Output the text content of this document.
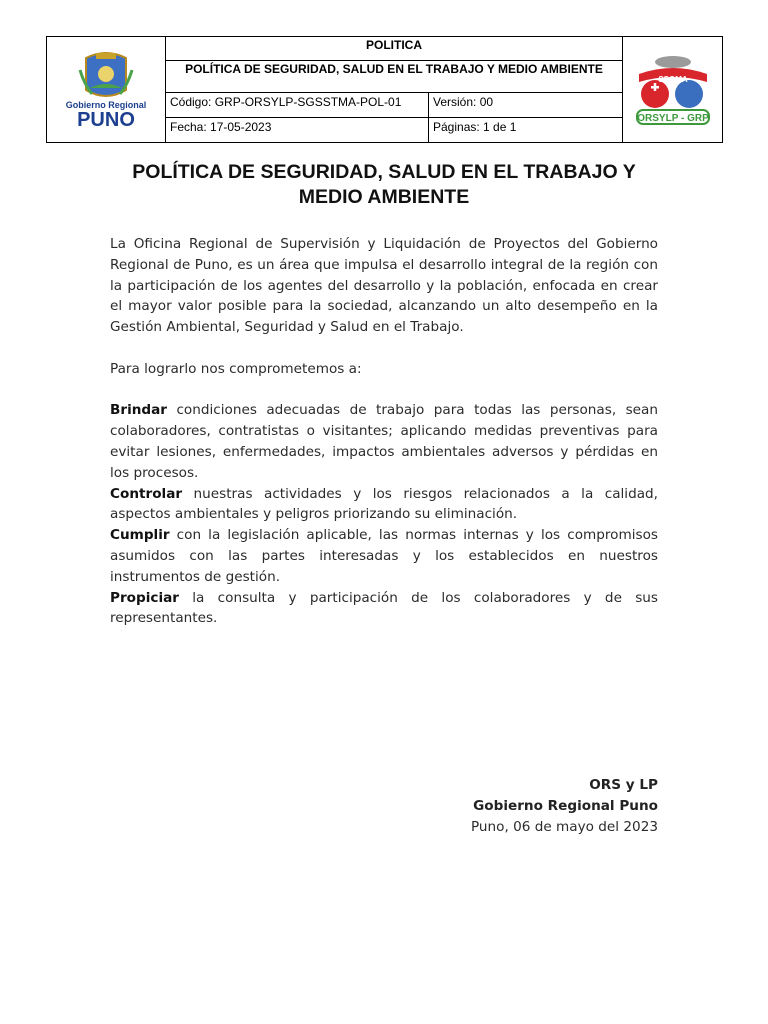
Gobierno Regional
PUNO
POLITICA
POLÍTICA DE SEGURIDAD, SALUD EN EL TRABAJO Y MEDIO AMBIENTE
Código: GRP-ORSYLP-SGSSTMA-POL-01	Versión: 00
Fecha: 17-05-2023	Páginas: 1 de 1
SSOMA
ORSYLP - GRP
POLÍTICA DE SEGURIDAD, SALUD EN EL TRABAJO Y MEDIO AMBIENTE

La Oficina Regional de Supervisión y Liquidación de Proyectos del Gobierno Regional de Puno, es un área que impulsa el desarrollo integral de la región con la participación de los agentes del desarrollo y la población, enfocada en crear el mayor valor posible para la sociedad, alcanzando un alto desempeño en la Gestión Ambiental, Seguridad y Salud en el Trabajo.

Para lograrlo nos comprometemos a:

Brindar condiciones adecuadas de trabajo para todas las personas, sean colaboradores, contratistas o visitantes; aplicando medidas preventivas para evitar lesiones, enfermedades, impactos ambientales adversos y pérdidas en los procesos.

Controlar nuestras actividades y los riesgos relacionados a la calidad, aspectos ambientales y peligros priorizando su eliminación.

Cumplir con la legislación aplicable, las normas internas y los compromisos asumidos con las partes interesadas y los establecidos en nuestros instrumentos de gestión.

Propiciar la consulta y participación de los colaboradores y de sus representantes.

ORS y LP
Gobierno Regional Puno
Puno, 06 de mayo del 2023
